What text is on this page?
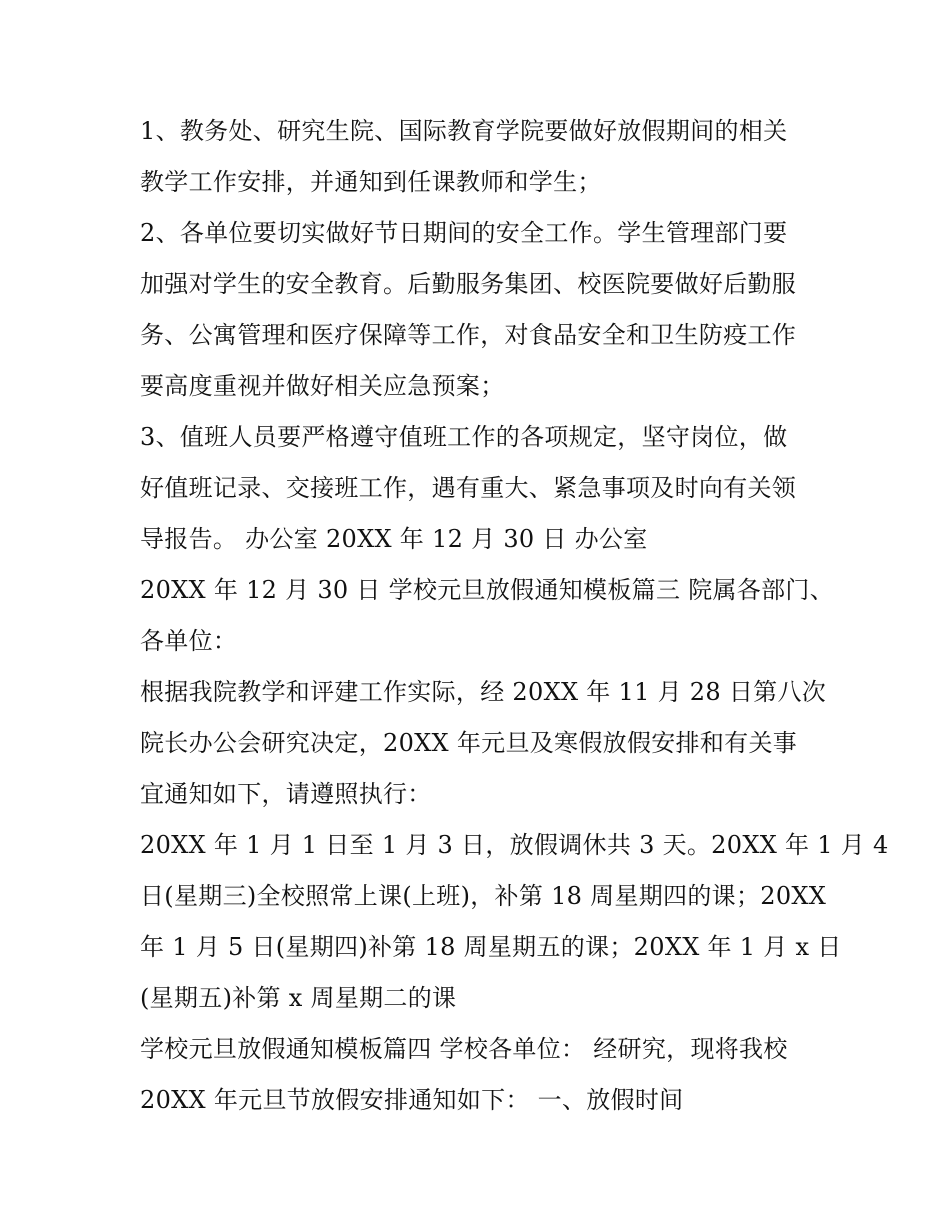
1、教务处、研究生院、国际教育学院要做好放假期间的相关
教学工作安排，并通知到任课教师和学生；
2、各单位要切实做好节日期间的安全工作。学生管理部门要
加强对学生的安全教育。后勤服务集团、校医院要做好后勤服
务、公寓管理和医疗保障等工作，对食品安全和卫生防疫工作
要高度重视并做好相关应急预案；
3、值班人员要严格遵守值班工作的各项规定，坚守岗位，做
好值班记录、交接班工作，遇有重大、紧急事项及时向有关领
导报告。 办公室 20XX 年 12 月 30 日 办公室
20XX 年 12 月 30 日 学校元旦放假通知模板篇三 院属各部门、
各单位：
根据我院教学和评建工作实际，经 20XX 年 11 月 28 日第八次
院长办公会研究决定，20XX 年元旦及寒假放假安排和有关事
宜通知如下，请遵照执行：
20XX 年 1 月 1 日至 1 月 3 日，放假调休共 3 天。20XX 年 1 月 4
日(星期三)全校照常上课(上班)，补第 18 周星期四的课；20XX
年 1 月 5 日(星期四)补第 18 周星期五的课；20XX 年 1 月 x 日
(星期五)补第 x 周星期二的课
学校元旦放假通知模板篇四 学校各单位： 经研究，现将我校
20XX 年元旦节放假安排通知如下： 一、放假时间
